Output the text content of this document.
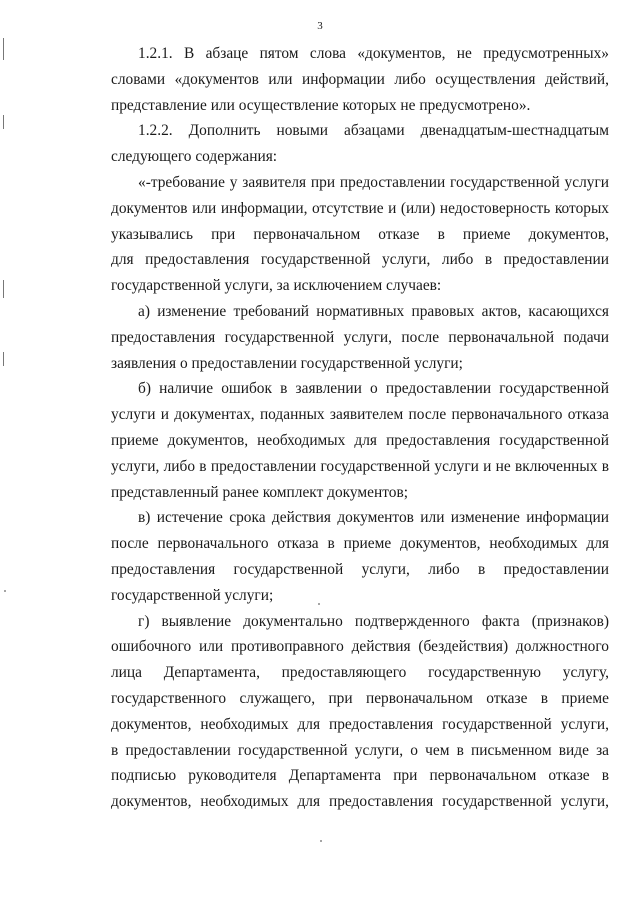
3
1.2.1. В абзаце пятом слова «документов, не предусмотренных»
словами «документов или информации либо осуществления действий,
представление или осуществление которых не предусмотрено».
1.2.2. Дополнить новыми абзацами двенадцатым-шестнадцатым
следующего содержания:
«-требование у заявителя при предоставлении государственной услуги
документов или информации, отсутствие и (или) недостоверность которых
указывались при первоначальном отказе в приеме документов,
для предоставления государственной услуги, либо в предоставлении
государственной услуги, за исключением случаев:
а) изменение требований нормативных правовых актов, касающихся
предоставления государственной услуги, после первоначальной подачи
заявления о предоставлении государственной услуги;
б) наличие ошибок в заявлении о предоставлении государственной
услуги и документах, поданных заявителем после первоначального отказа
приеме документов, необходимых для предоставления государственной
услуги, либо в предоставлении государственной услуги и не включенных в
представленный ранее комплект документов;
в) истечение срока действия документов или изменение информации
после первоначального отказа в приеме документов, необходимых для
предоставления государственной услуги, либо в предоставлении
государственной услуги;
г) выявление документально подтвержденного факта (признаков)
ошибочного или противоправного действия (бездействия) должностного
лица Департамента, предоставляющего государственную услугу,
государственного служащего, при первоначальном отказе в приеме
документов, необходимых для предоставления государственной услуги,
в предоставлении государственной услуги, о чем в письменном виде за
подписью руководителя Департамента при первоначальном отказе в
документов, необходимых для предоставления государственной услуги,
